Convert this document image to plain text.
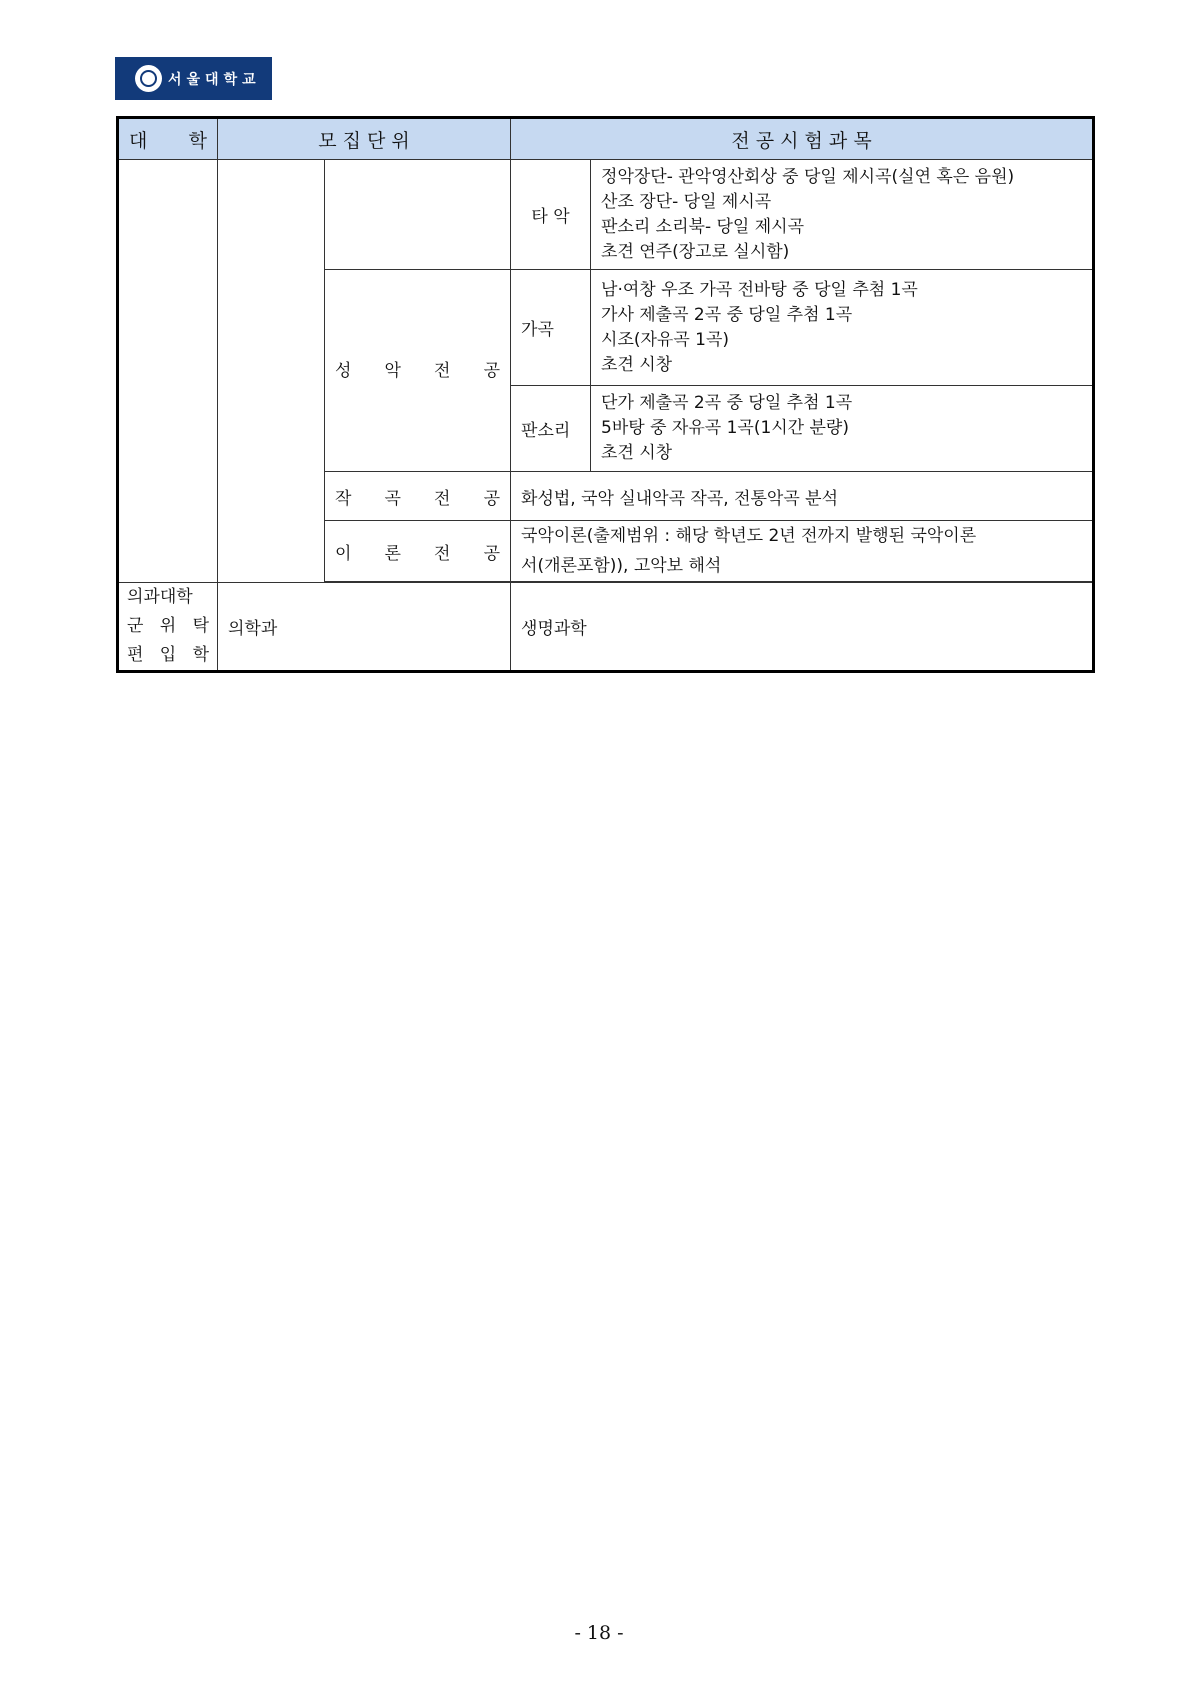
서울대학교
대 학	모 집 단 위		전 공 시 험 과 목	
			타 악	정악장단- 관악영산회상 중 당일 제시곡(실연 혹은 음원)
산조 장단- 당일 제시곡
판소리 소리북- 당일 제시곡
초견 연주(장고로 실시함)

		성 악 전 공	가곡	남·여창 우조 가곡 전바탕 중 당일 추첨 1곡
가사 제출곡 2곡 중 당일 추첨 1곡
시조(자유곡 1곡)
초견 시창

			판소리	단가 제출곡 2곡 중 당일 추첨 1곡
5바탕 중 자유곡 1곡(1시간 분량)
초견 시창

		작 곡 전 공	화성법, 국악 실내악곡 작곡, 전통악곡 분석	
		이 론 전 공	국악이론(출제범위 : 해당 학년도 2년 전까지 발행된 국악이론
서(개론포함)), 고악보 해석	

의과대학
군 위 탁
편 입 학	의학과		생명과학	
- 18 -
